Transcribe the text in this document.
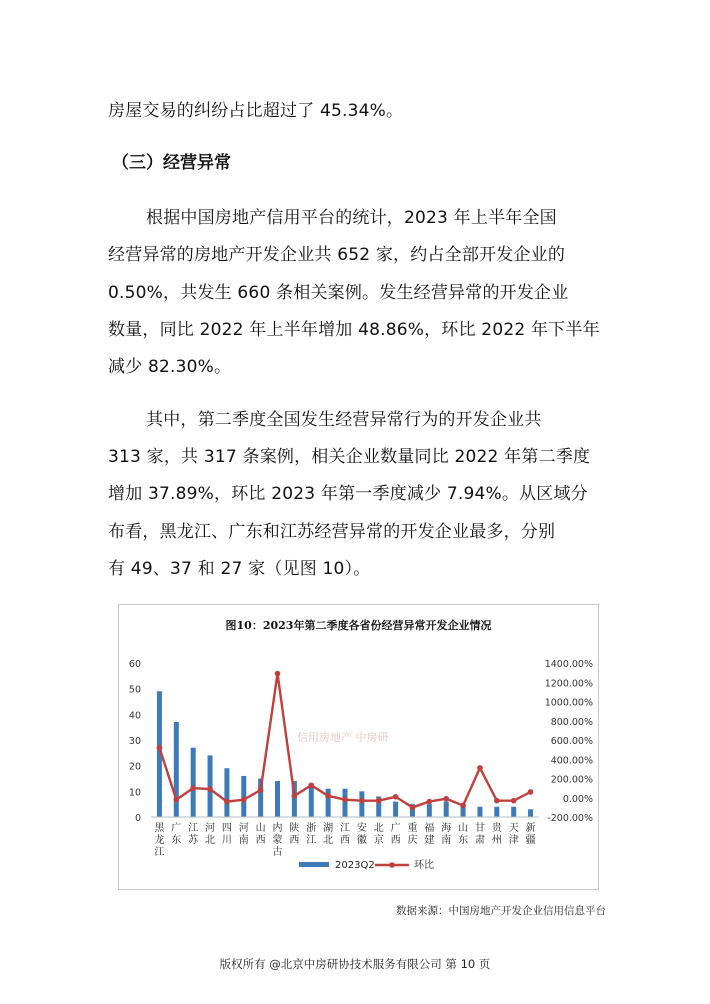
房屋交易的纠纷占比超过了 45.34%。
（三）经营异常
根据中国房地产信用平台的统计，2023 年上半年全国
经营异常的房地产开发企业共 652 家，约占全部开发企业的
0.50%，共发生 660 条相关案例。发生经营异常的开发企业
数量，同比 2022 年上半年增加 48.86%，环比 2022 年下半年
减少 82.30%。
其中，第二季度全国发生经营异常行为的开发企业共
313 家，共 317 条案例，相关企业数量同比 2022 年第二季度
增加 37.89%，环比 2023 年第一季度减少 7.94%。从区域分
布看，黑龙江、广东和江苏经营异常的开发企业最多，分别
有 49、37 和 27 家（见图 10）。
图10：2023年第二季度各省份经营异常开发企业情况
0
10
20
30
40
50
60
-200.00%
0.00%
200.00%
400.00%
600.00%
800.00%
1000.00%
1200.00%
1400.00%
信用房地产 中房研
黑龙江
广东
江苏
河北
四川
河南
山西
内蒙古
陕西
浙江
湖北
江西
安徽
北京
广西
重庆
福建
海南
山东
甘肃
贵州
天津
新疆
2023Q2	环比
数据来源：中国房地产开发企业信用信息平台
版权所有 @北京中房研协技术服务有限公司 第 10 页
